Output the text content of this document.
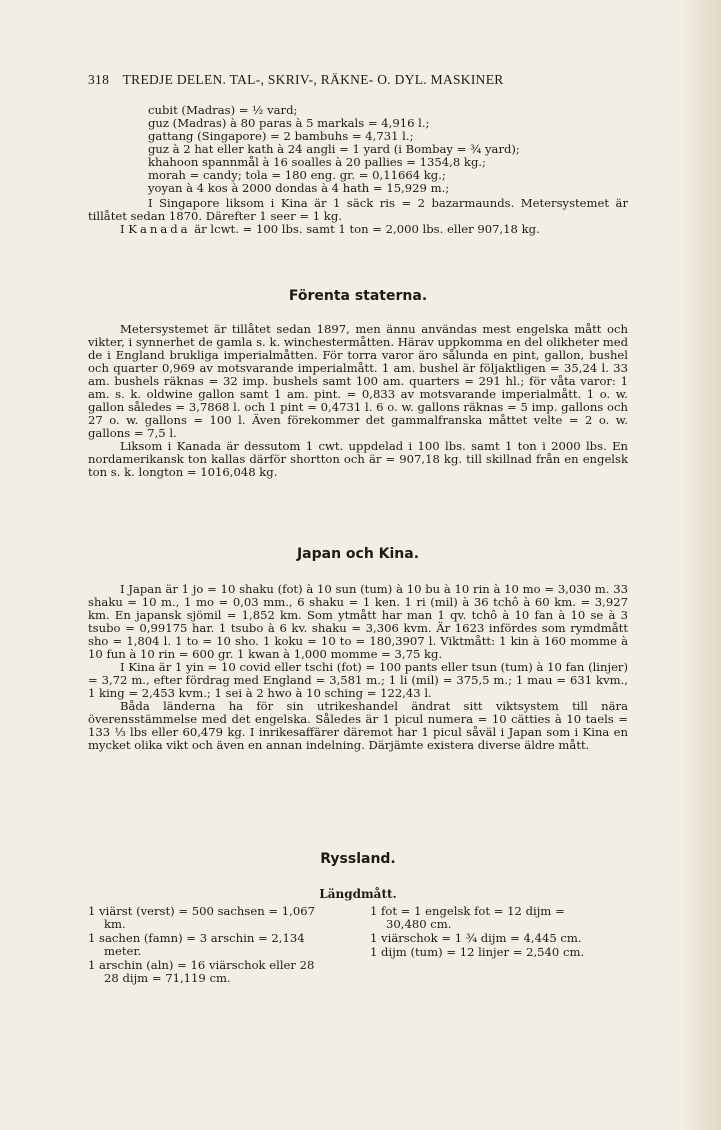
318 TREDJE DELEN. TAL-, SKRIV-, RÄKNE- O. DYL. MASKINER

cubit (Madras) = ½ vard;

guz (Madras) à 80 paras à 5 markals = 4,916 l.;

gattang (Singapore) = 2 bambuhs = 4,731 l.;

guz à 2 hat eller kath à 24 angli = 1 yard (i Bombay = ¾ yard);

khahoon spannmål à 16 soalles à 20 pallies = 1354,8 kg.;

morah = candy; tola = 180 eng. gr. = 0,11664 kg.;

yoyan à 4 kos à 2000 dondas à 4 hath = 15,929 m.;

I Singapore liksom i Kina är 1 säck ris = 2 bazarmaunds. Metersystemet är tillåtet sedan 1870. Därefter 1 seer = 1 kg.

I Kanada är lcwt. = 100 lbs. samt 1 ton = 2,000 lbs. eller 907,18 kg.

Förenta staterna.

Metersystemet är tillåtet sedan 1897, men ännu användas mest engelska mått och vikter, i synnerhet de gamla s. k. winchestermåtten. Härav uppkomma en del olikheter med de i England brukliga imperialmåtten. För torra varor äro sålunda en pint, gallon, bushel och quarter 0,969 av motsvarande imperialmått. 1 am. bushel är följaktligen = 35,24 l. 33 am. bushels räknas = 32 imp. bushels samt 100 am. quarters = 291 hl.; för våta varor: 1 am. s. k. oldwine gallon samt 1 am. pint. = 0,833 av motsvarande imperialmått. 1 o. w. gallon således = 3,7868 l. och 1 pint = 0,4731 l. 6 o. w. gallons räknas = 5 imp. gallons och 27 o. w. gallons = 100 l. Även förekommer det gammalfranska måttet velte = 2 o. w. gallons = 7,5 l.

Liksom i Kanada är dessutom 1 cwt. uppdelad i 100 lbs. samt 1 ton i 2000 lbs. En nordamerikansk ton kallas därför shortton och är = 907,18 kg. till skillnad från en engelsk ton s. k. longton = 1016,048 kg.

Japan och Kina.

I Japan är 1 jo = 10 shaku (fot) à 10 sun (tum) à 10 bu à 10 rin à 10 mo = 3,030 m. 33 shaku = 10 m., 1 mo = 0,03 mm., 6 shaku = 1 ken. 1 ri (mil) à 36 tchô à 60 km. = 3,927 km. En japansk sjömil = 1,852 km. Som ytmått har man 1 qv. tchô à 10 fan à 10 se à 3 tsubo = 0,99175 har. 1 tsubo à 6 kv. shaku = 3,306 kvm. Är 1623 infördes som rymdmått sho = 1,804 l. 1 to = 10 sho. 1 koku = 10 to = 180,3907 l. Viktmått: 1 kin à 160 momme à 10 fun à 10 rin = 600 gr. 1 kwan à 1,000 momme = 3,75 kg.

I Kina är 1 yin = 10 covid eller tschi (fot) = 100 pants eller tsun (tum) à 10 fan (linjer) = 3,72 m., efter fördrag med England = 3,581 m.; 1 li (mil) = 375,5 m.; 1 mau = 631 kvm., 1 king = 2,453 kvm.; 1 sei à 2 hwo à 10 sching = 122,43 l.

Båda länderna ha för sin utrikeshandel ändrat sitt viktsystem till nära överensstämmelse med det engelska. Således är 1 picul numera = 10 cätties à 10 taels = 133 ⅓ lbs eller 60,479 kg. I inrikesaffärer däremot har 1 picul såväl i Japan som i Kina en mycket olika vikt och även en annan indelning. Därjämte existera diverse äldre mått.

Ryssland.
Längdmått.

1 viärst (verst) = 500 sachsen = 1,067
km.

1 sachen (famn) = 3 arschin = 2,134
meter.

1 arschin (aln) = 16 viärschok eller 28
28 dijm = 71,119 cm.

1 fot = 1 engelsk fot = 12 dijm =
30,480 cm.

1 viärschok = 1 ¾ dijm = 4,445 cm.

1 dijm (tum) = 12 linjer = 2,540 cm.
